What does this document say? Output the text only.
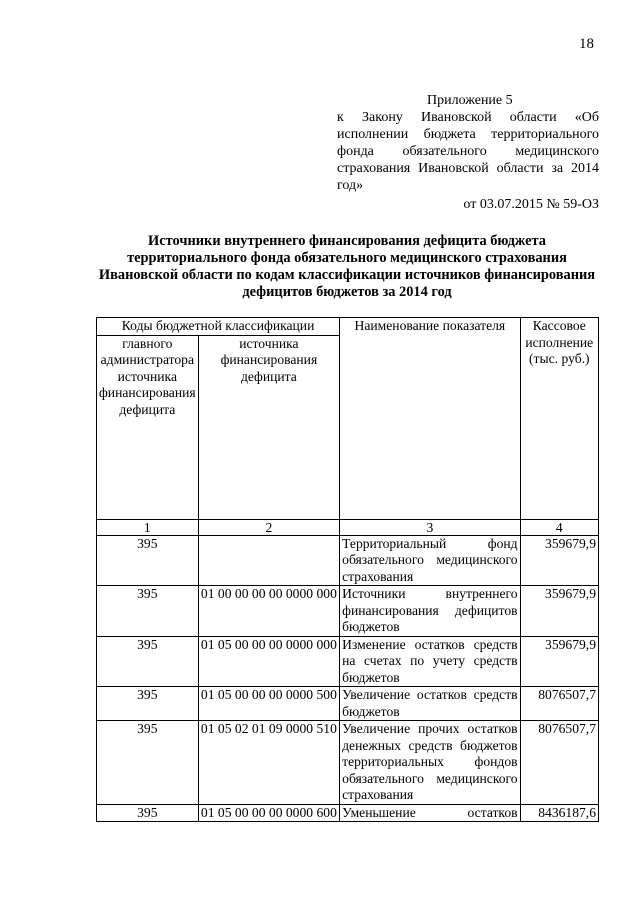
18
Приложение 5
к Закону Ивановской области «Об исполнении бюджета территориального фонда обязательного медицинского страхования Ивановской области за 2014 год»
от 03.07.2015 № 59-ОЗ
Источники внутреннего финансирования дефицита бюджета территориального фонда обязательного медицинского страхования Ивановской области по кодам классификации источников финансирования дефицитов бюджетов за 2014 год
Коды бюджетной классификации		Наименование показателя	Кассовое исполнение (тыс. руб.)
главного администратора источника финансирования дефицита	источника финансирования дефицита		
1	2	3	4
395		Территориальный фонд обязательного медицинского страхования	359679,9
395	01 00 00 00 00 0000 000	Источники внутреннего финансирования дефицитов бюджетов	359679,9
395	01 05 00 00 00 0000 000	Изменение остатков средств на счетах по учету средств бюджетов	359679,9
395	01 05 00 00 00 0000 500	Увеличение остатков средств бюджетов	8076507,7
395	01 05 02 01 09 0000 510	Увеличение прочих остатков денежных средств бюджетов территориальных фондов обязательного медицинского страхования	8076507,7
395	01 05 00 00 00 0000 600	Уменьшение остатков	8436187,6
